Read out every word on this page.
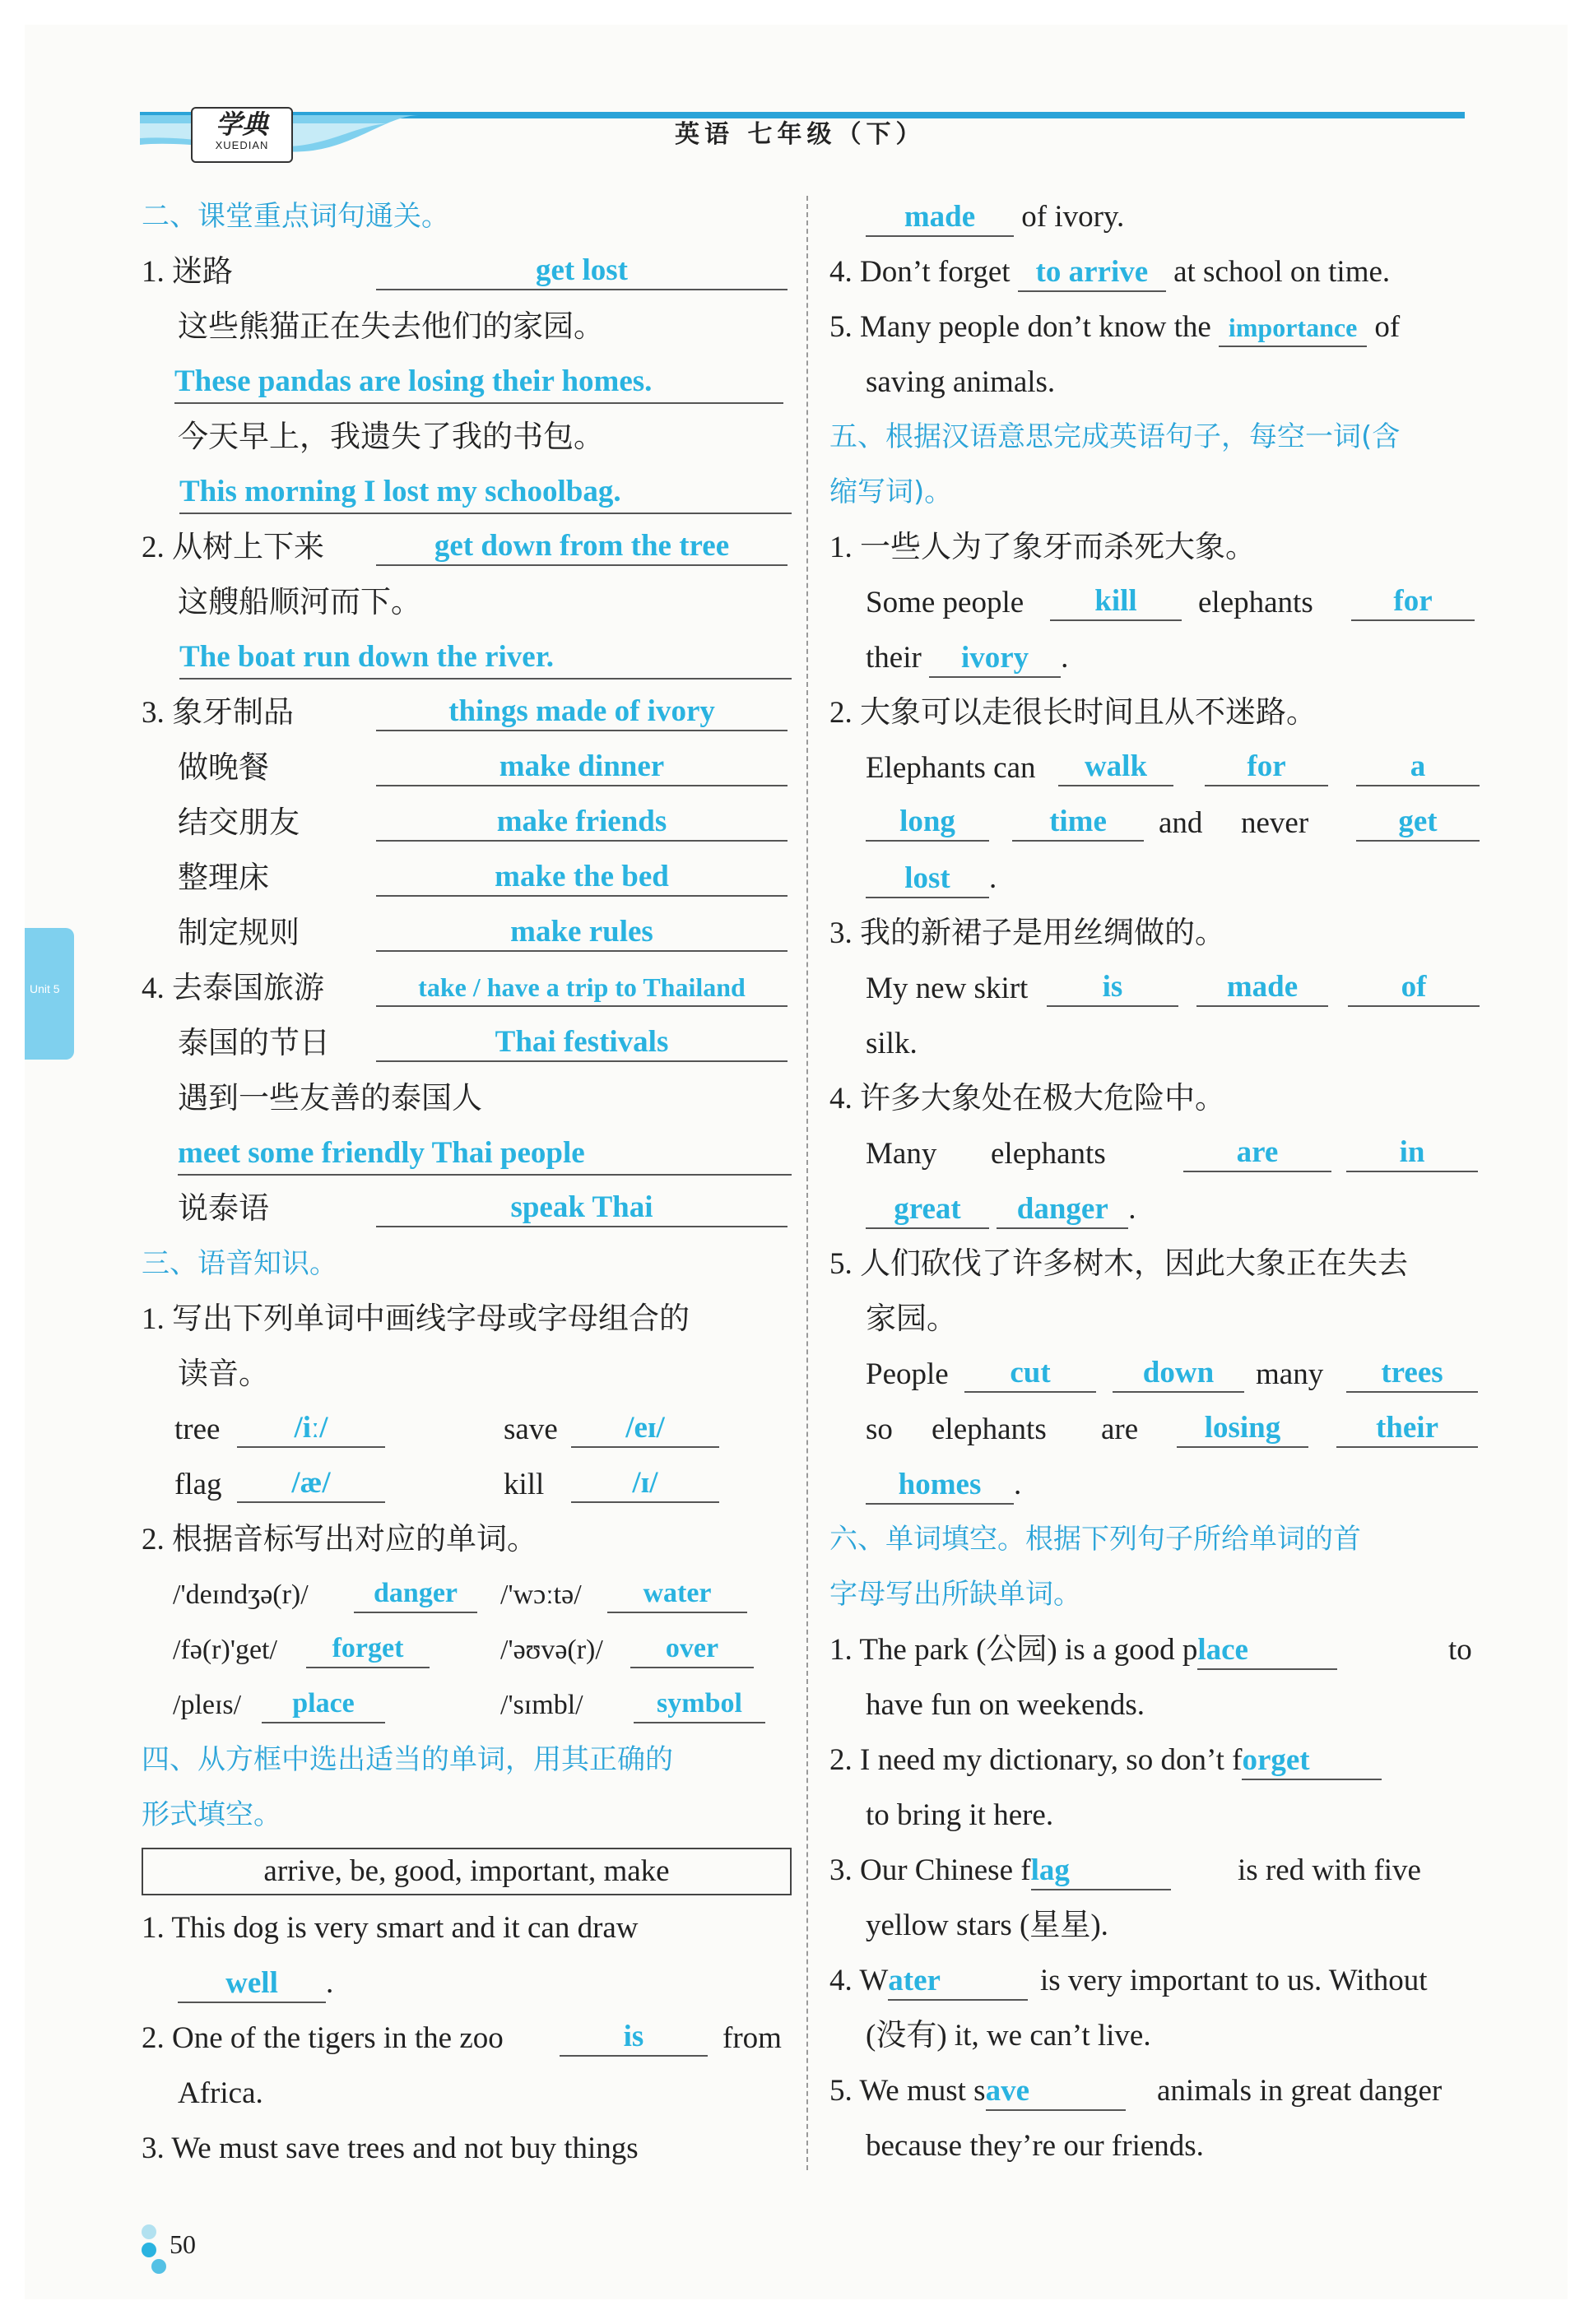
学典
XUEDIAN	英语 七年级（下）
Unit 5
二、课堂重点词句通关。
1. 迷路	get lost
这些熊猫正在失去他们的家园。
These pandas are losing their homes.
今天早上，我遗失了我的书包。
This morning I lost my schoolbag.
2. 从树上下来	get down from the tree
这艘船顺河而下。
The boat run down the river.
3. 象牙制品	things made of ivory
做晚餐	make dinner
结交朋友	make friends
整理床	make the bed
制定规则	make rules
4. 去泰国旅游	take / have a trip to Thailand
泰国的节日	Thai festivals
遇到一些友善的泰国人
meet some friendly Thai people
说泰语	speak Thai
三、语音知识。
1. 写出下列单词中画线字母或字母组合的
读音。
tree	/iː/	save	/eɪ/
flag	/æ/	kill	/ɪ/
2. 根据音标写出对应的单词。
/'deɪndʒə(r)/	danger	/'wɔːtə/	water
/fə(r)'get/	forget	/'əʊvə(r)/	over
/pleɪs/	place	/'sɪmbl/	symbol
四、从方框中选出适当的单词，用其正确的
形式填空。
arrive, be, good, important, make
1. This dog is very smart and it can draw
well .
2. One of the tigers in the zoo	is	from
Africa.
3. We must save trees and not buy things
made of ivory.
4. Don’t forget to arrive at school on time.
5. Many people don’t know the importance of
saving animals.
五、根据汉语意思完成英语句子，每空一词(含
缩写词)。
1. 一些人为了象牙而杀死大象。
Some people	kill	elephants	for
their ivory .
2. 大象可以走很长时间且从不迷路。
Elephants can	walk	for	a
long	time	and never	get
lost .
3. 我的新裙子是用丝绸做的。
My new skirt	is	made	of
silk.
4. 许多大象处在极大危险中。
Many elephants	are	in
great danger .
5. 人们砍伐了许多树木，因此大象正在失去
家园。
People	cut	down	many	trees
so elephants are	losing	their
homes .
六、单词填空。根据下列句子所给单词的首
字母写出所缺单词。
1. The park (公园) is a good place	to
have fun on weekends.
2. I need my dictionary, so don’t forget
to bring it here.
3. Our Chinese flag	is red with five
yellow stars (星星).
4. Water	is very important to us. Without
(没有) it, we can’t live.
5. We must save	animals in great danger
because they’re our friends.
50
